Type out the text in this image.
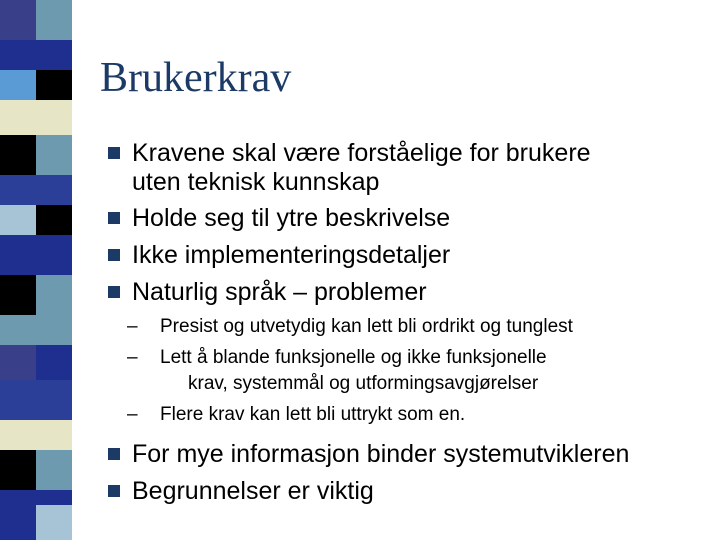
Brukerkrav
Kravene skal være forståelige for brukere
uten teknisk kunnskap
Holde seg til ytre beskrivelse
Ikke implementeringsdetaljer
Naturlig språk – problemer
– Presist og utvetydig kan lett bli ordrikt og tunglest
– Lett å blande funksjonelle og ikke funksjonelle
krav, systemmål og utformingsavgjørelser
– Flere krav kan lett bli uttrykt som en.
For mye informasjon binder systemutvikleren
Begrunnelser er viktig
